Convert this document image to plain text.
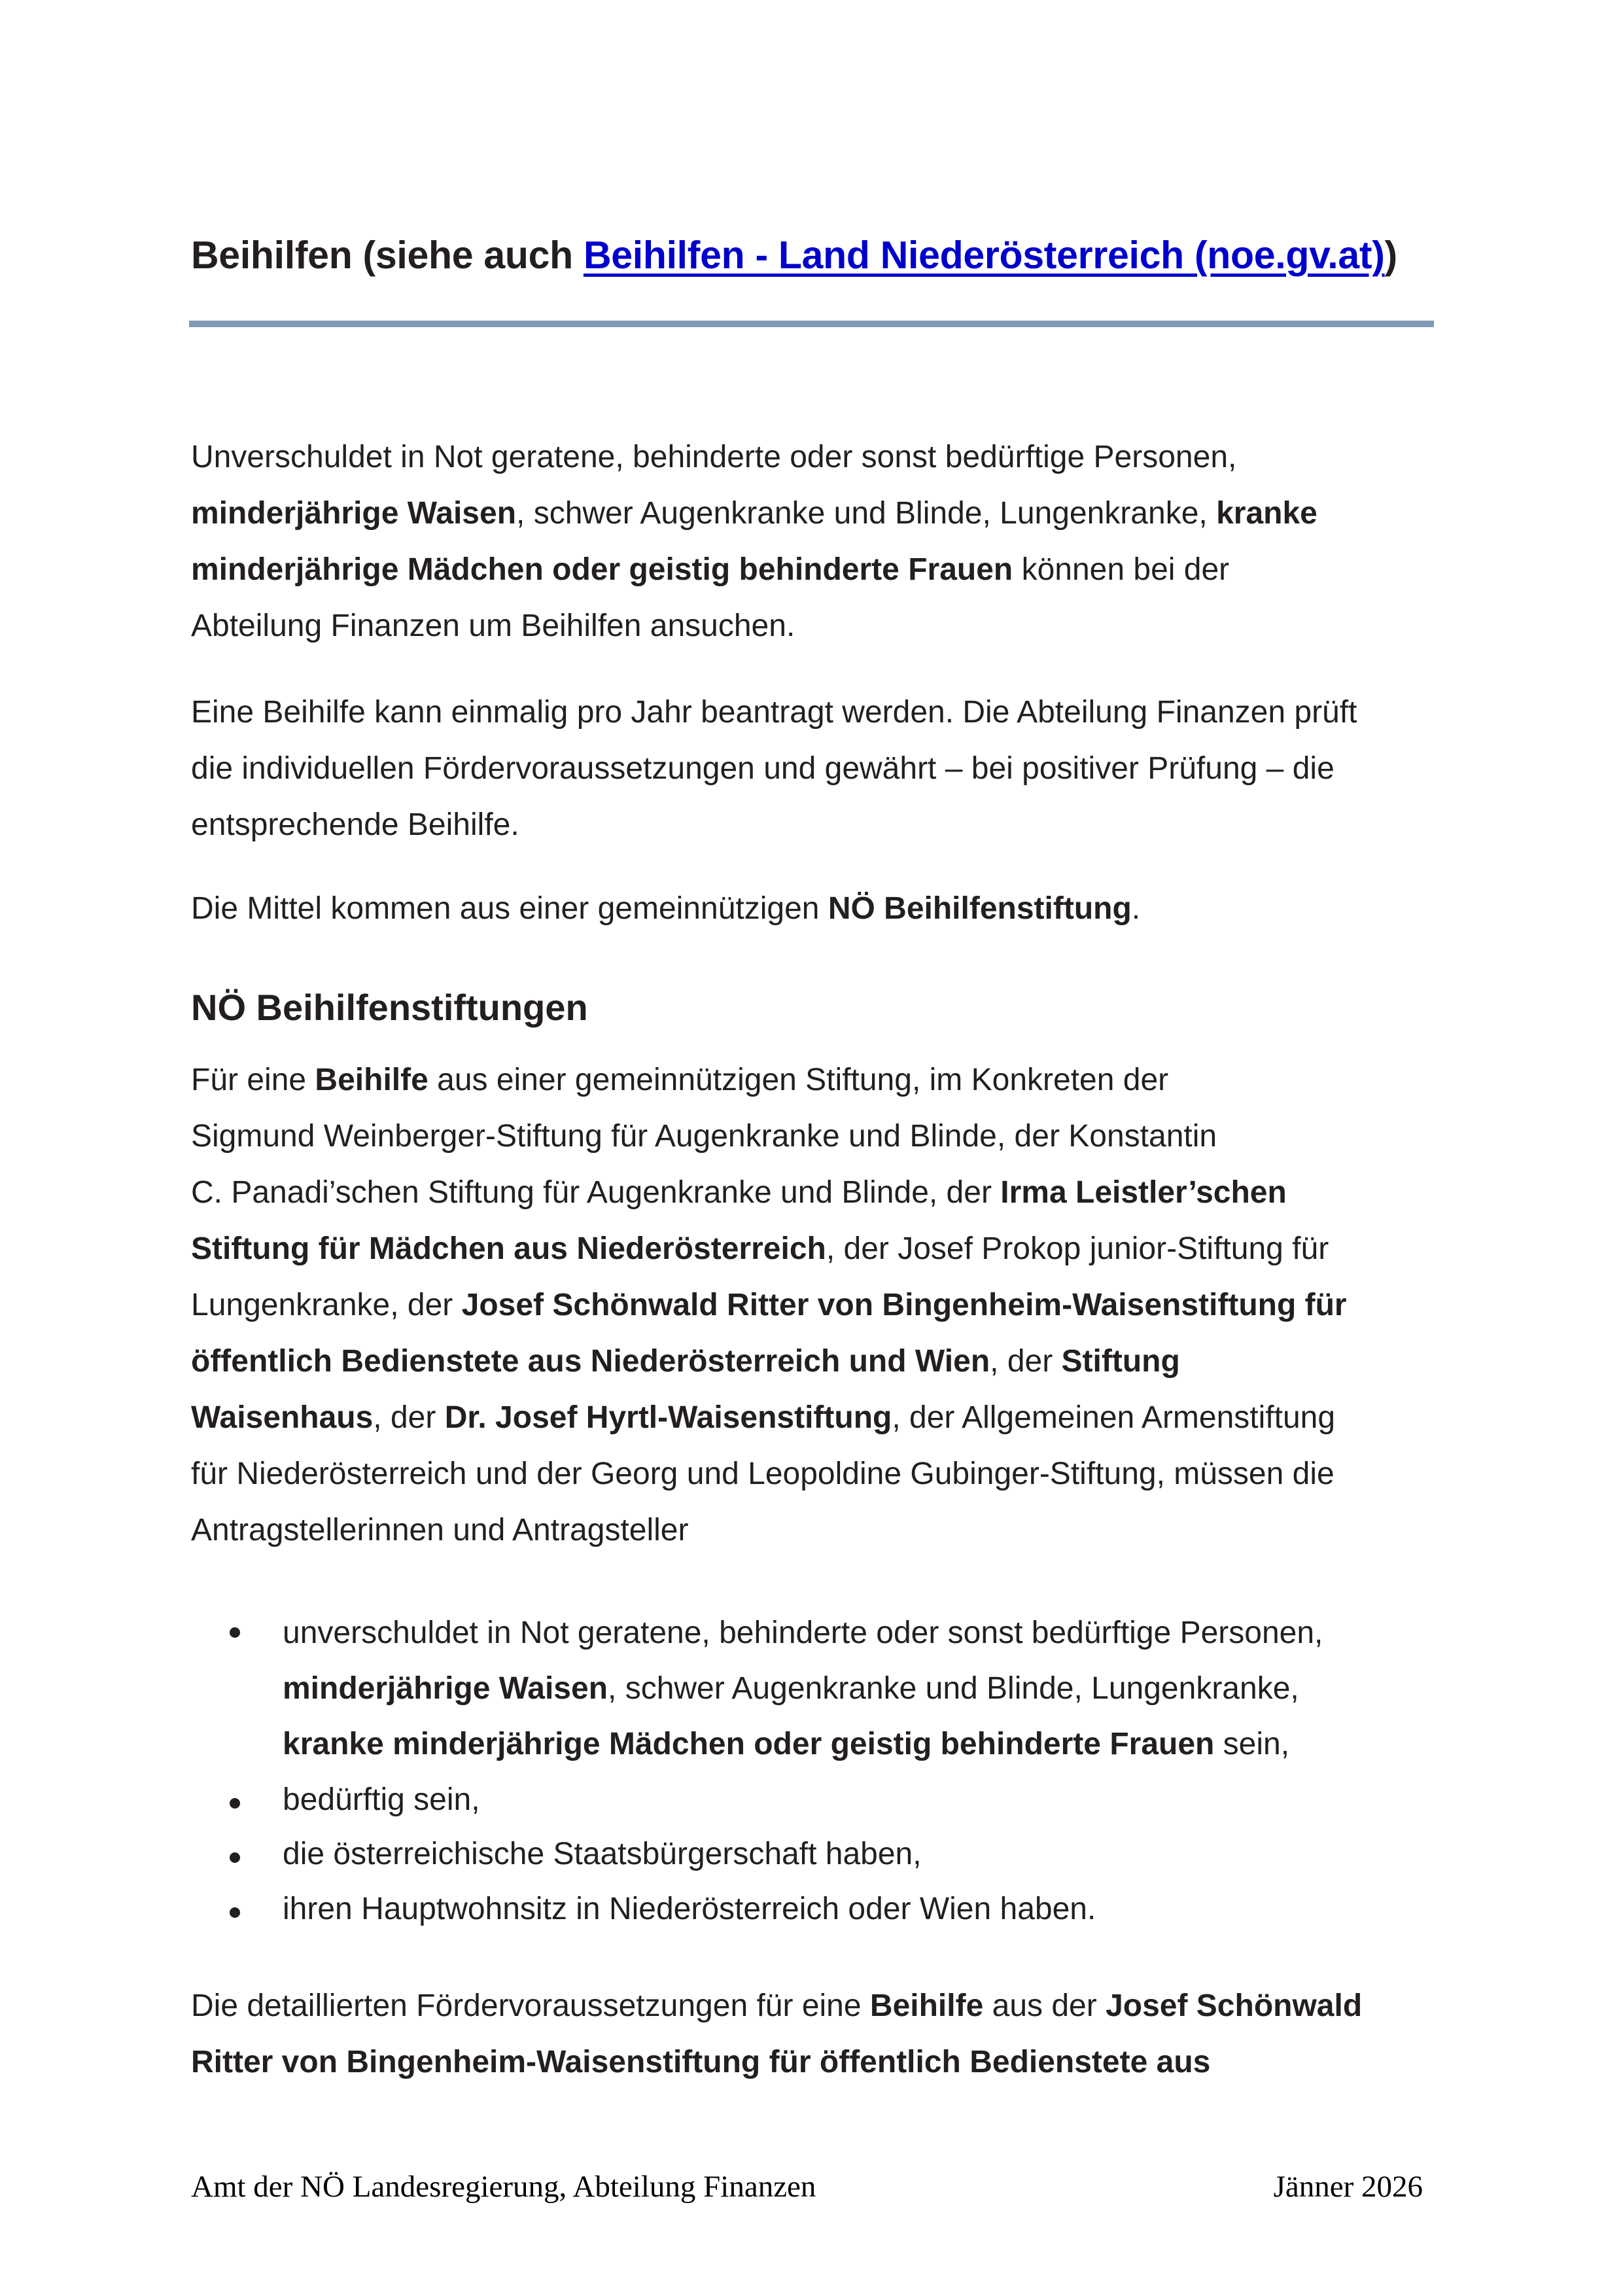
Beihilfen (siehe auch Beihilfen - Land Niederösterreich (noe.gv.at))
Unverschuldet in Not geratene, behinderte oder sonst bedürftige Personen,
minderjährige Waisen, schwer Augenkranke und Blinde, Lungenkranke, kranke
minderjährige Mädchen oder geistig behinderte Frauen können bei der
Abteilung Finanzen um Beihilfen ansuchen.
Eine Beihilfe kann einmalig pro Jahr beantragt werden. Die Abteilung Finanzen prüft
die individuellen Fördervoraussetzungen und gewährt – bei positiver Prüfung – die
entsprechende Beihilfe.
Die Mittel kommen aus einer gemeinnützigen NÖ Beihilfenstiftung.
NÖ Beihilfenstiftungen
Für eine Beihilfe aus einer gemeinnützigen Stiftung, im Konkreten der
Sigmund Weinberger-Stiftung für Augenkranke und Blinde, der Konstantin
C. Panadi’schen Stiftung für Augenkranke und Blinde, der Irma Leistler’schen
Stiftung für Mädchen aus Niederösterreich, der Josef Prokop junior-Stiftung für
Lungenkranke, der Josef Schönwald Ritter von Bingenheim-Waisenstiftung für
öffentlich Bedienstete aus Niederösterreich und Wien, der Stiftung
Waisenhaus, der Dr. Josef Hyrtl-Waisenstiftung, der Allgemeinen Armenstiftung
für Niederösterreich und der Georg und Leopoldine Gubinger-Stiftung, müssen die
Antragstellerinnen und Antragsteller
unverschuldet in Not geratene, behinderte oder sonst bedürftige Personen,
minderjährige Waisen, schwer Augenkranke und Blinde, Lungenkranke,
kranke minderjährige Mädchen oder geistig behinderte Frauen sein,
bedürftig sein,
die österreichische Staatsbürgerschaft haben,
ihren Hauptwohnsitz in Niederösterreich oder Wien haben.
Die detaillierten Fördervoraussetzungen für eine Beihilfe aus der Josef Schönwald
Ritter von Bingenheim-Waisenstiftung für öffentlich Bedienstete aus
Amt der NÖ Landesregierung, Abteilung Finanzen	Jänner 2026
